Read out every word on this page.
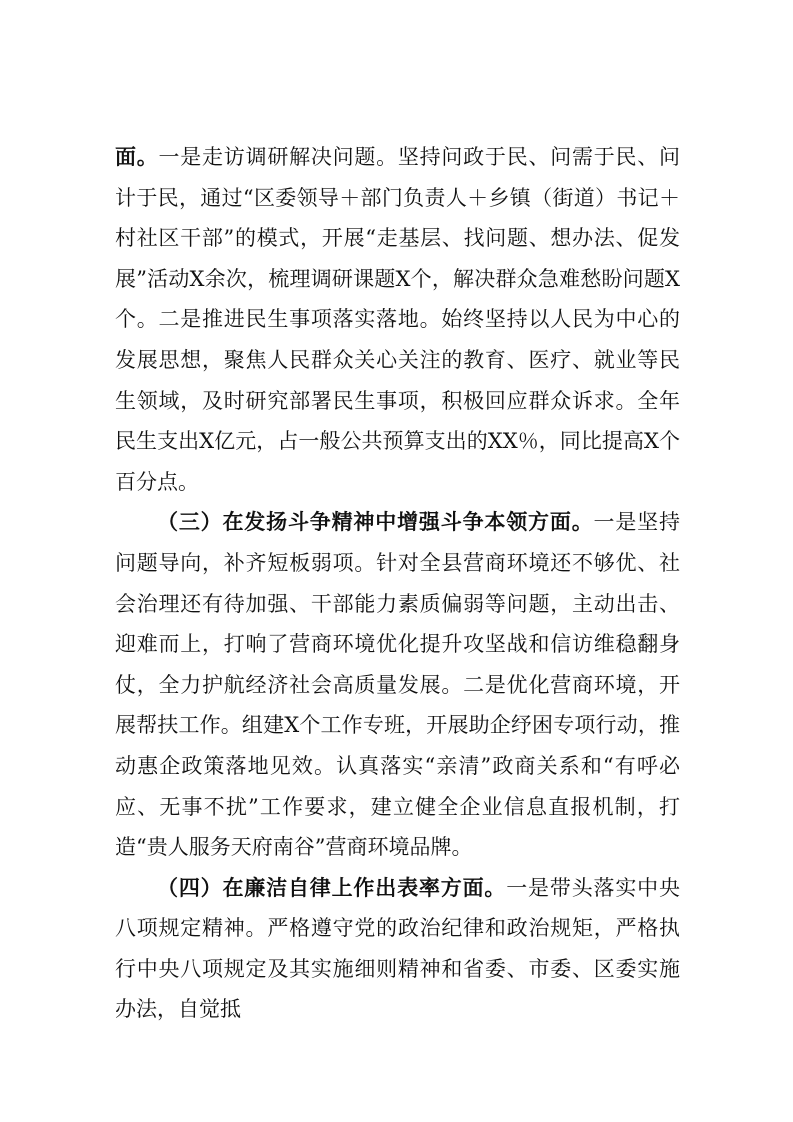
面。一是走访调研解决问题。坚持问政于民、问需于民、问计于民，通过“区委领导＋部门负责人＋乡镇（街道）书记＋村社区干部”的模式，开展“走基层、找问题、想办法、促发展”活动X余次，梳理调研课题X个，解决群众急难愁盼问题X个。二是推进民生事项落实落地。始终坚持以人民为中心的发展思想，聚焦人民群众关心关注的教育、医疗、就业等民生领域，及时研究部署民生事项，积极回应群众诉求。全年民生支出X亿元，占一般公共预算支出的XX％，同比提高X个百分点。

（三）在发扬斗争精神中增强斗争本领方面。一是坚持问题导向，补齐短板弱项。针对全县营商环境还不够优、社会治理还有待加强、干部能力素质偏弱等问题，主动出击、迎难而上，打响了营商环境优化提升攻坚战和信访维稳翻身仗，全力护航经济社会高质量发展。二是优化营商环境，开展帮扶工作。组建X个工作专班，开展助企纾困专项行动，推动惠企政策落地见效。认真落实“亲清”政商关系和“有呼必应、无事不扰”工作要求，建立健全企业信息直报机制，打造“贵人服务天府南谷”营商环境品牌。

（四）在廉洁自律上作出表率方面。一是带头落实中央八项规定精神。严格遵守党的政治纪律和政治规矩，严格执行中央八项规定及其实施细则精神和省委、市委、区委实施办法，自觉抵
